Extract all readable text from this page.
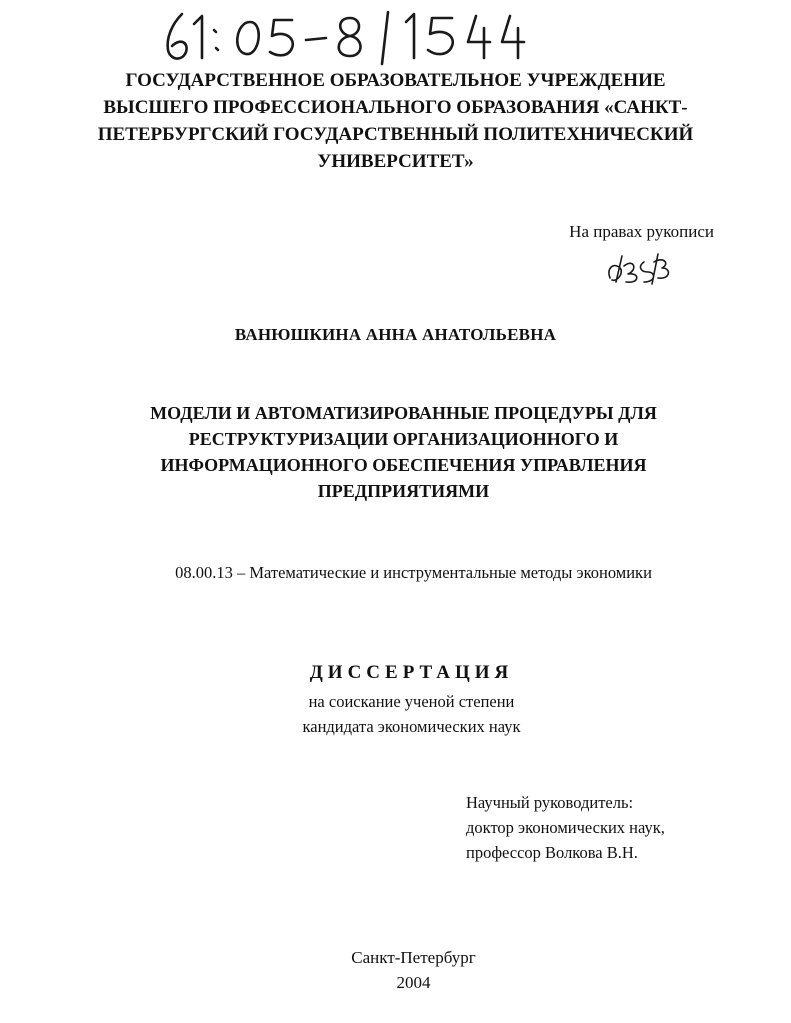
ГОСУДАРСТВЕННОЕ ОБРАЗОВАТЕЛЬНОЕ УЧРЕЖДЕНИЕ
ВЫСШЕГО ПРОФЕССИОНАЛЬНОГО ОБРАЗОВАНИЯ «САНКТ-
ПЕТЕРБУРГСКИЙ ГОСУДАРСТВЕННЫЙ ПОЛИТЕХНИЧЕСКИЙ
УНИВЕРСИТЕТ»
На правах рукописи
ВАНЮШКИНА АННА АНАТОЛЬЕВНА
МОДЕЛИ И АВТОМАТИЗИРОВАННЫЕ ПРОЦЕДУРЫ ДЛЯ
РЕСТРУКТУРИЗАЦИИ ОРГАНИЗАЦИОННОГО И
ИНФОРМАЦИОННОГО ОБЕСПЕЧЕНИЯ УПРАВЛЕНИЯ
ПРЕДПРИЯТИЯМИ
08.00.13 – Математические и инструментальные методы экономики
ДИССЕРТАЦИЯ
на соискание ученой степени
кандидата экономических наук
Научный руководитель:
доктор экономических наук,
профессор Волкова В.Н.
Санкт-Петербург
2004
